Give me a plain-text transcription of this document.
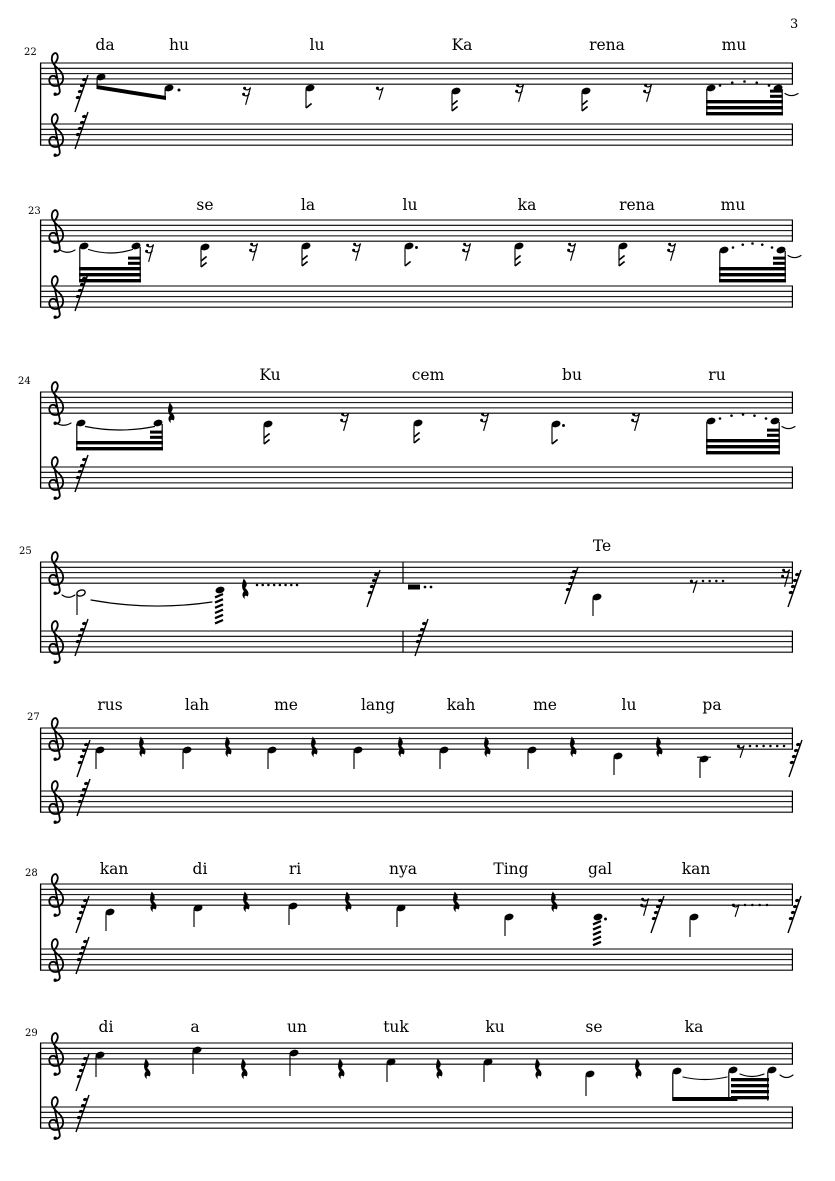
3
22	da	hu	lu	Ka	rena	mu
23	se	la	lu	ka	rena	mu
24	Ku	cem	bu	ru
25	Te
27
rus	lah	me	lang	kah	me	lu	pa
28	kan	di	ri	nya	Ting	gal	kan
29	di	a	un	tuk	ku	se	ka
